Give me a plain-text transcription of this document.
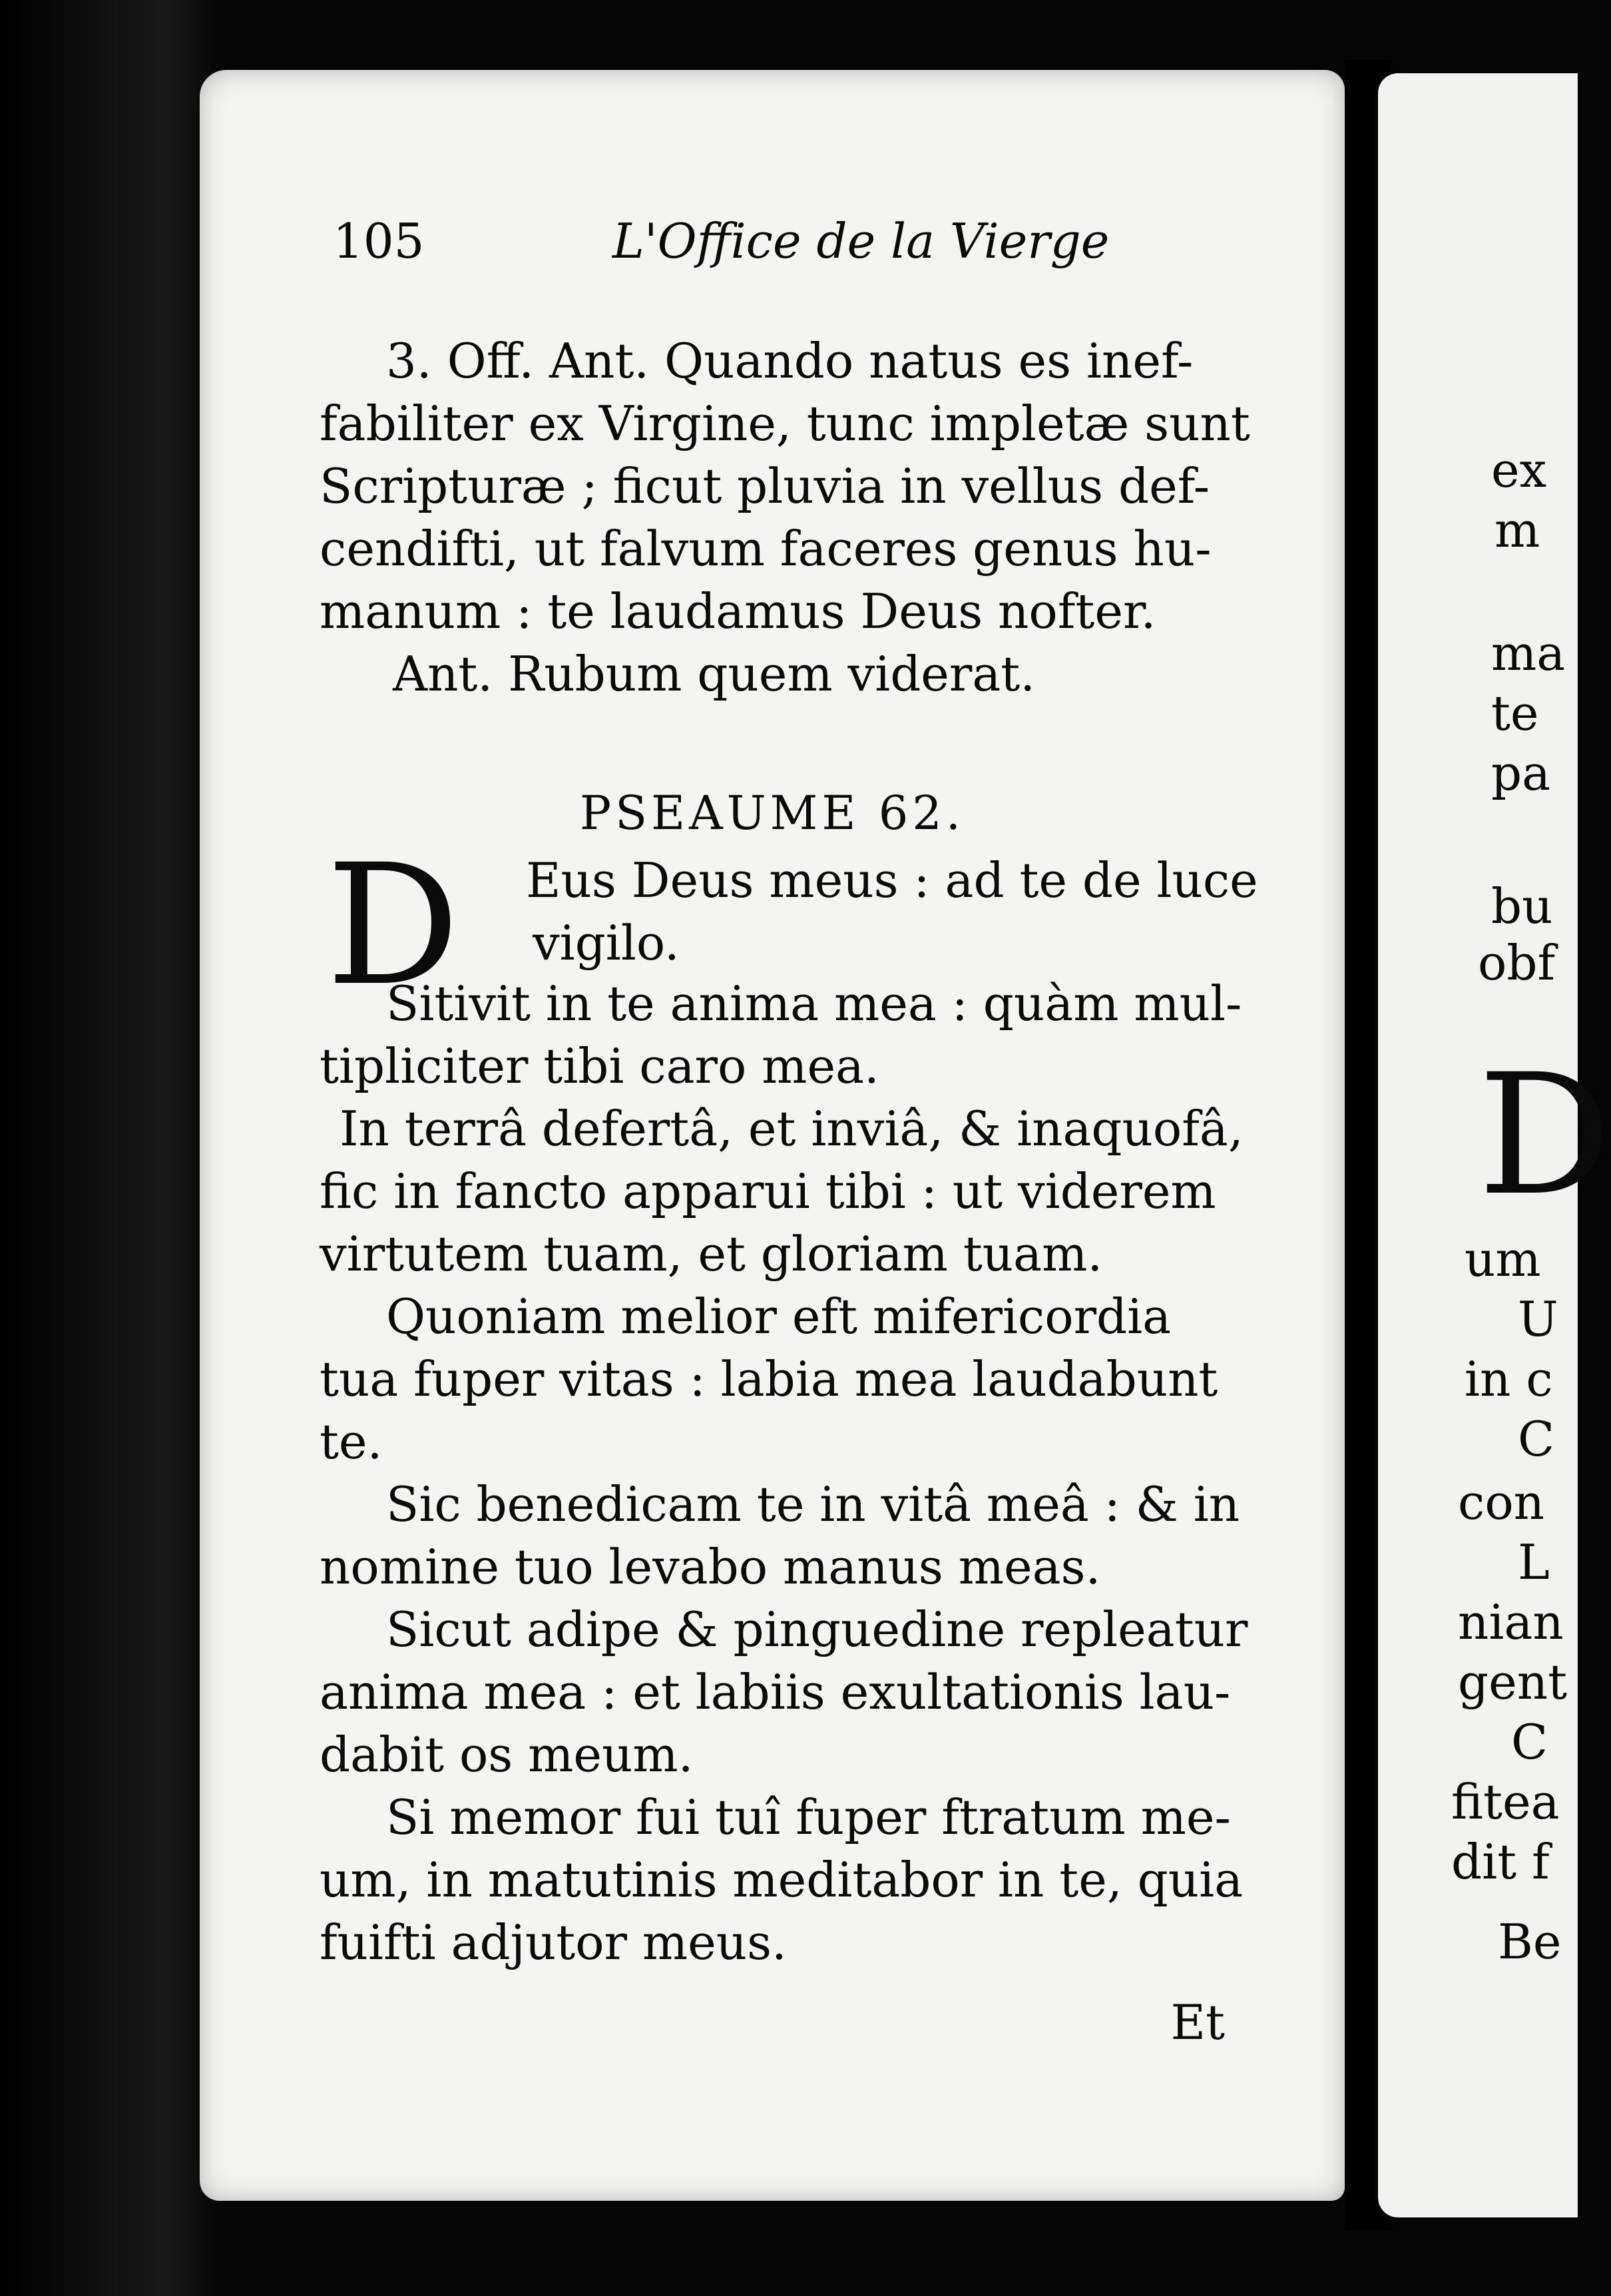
105	L'Office de la Vierge
3. Off. Ant. Quando natus es inef-
fabiliter ex Virgine, tunc impletæ sunt
Scripturæ ; ficut pluvia in vellus def-
cendifti, ut falvum faceres genus hu-
manum : te laudamus Deus nofter.
Ant. Rubum quem viderat.
PSEAUME 62.
D Eus Deus meus : ad te de luce
vigilo.
Sitivit in te anima mea : quàm mul-
tipliciter tibi caro mea.
In terrâ defertâ, et inviâ, & inaquofâ,
fic in fancto apparui tibi : ut viderem
virtutem tuam, et gloriam tuam.
Quoniam melior eft mifericordia
tua fuper vitas : labia mea laudabunt
te.
Sic benedicam te in vitâ meâ : & in
nomine tuo levabo manus meas.
Sicut adipe & pinguedine repleatur
anima mea : et labiis exultationis lau-
dabit os meum.
Si memor fui tuî fuper ftratum me-
um, in matutinis meditabor in te, quia
fuifti adjutor meus.
Et
ex
m
ma
te
pa
bu
obf
D
um
U
in c
C
con
L
nian
gent
C
fitea
dit f
Be
